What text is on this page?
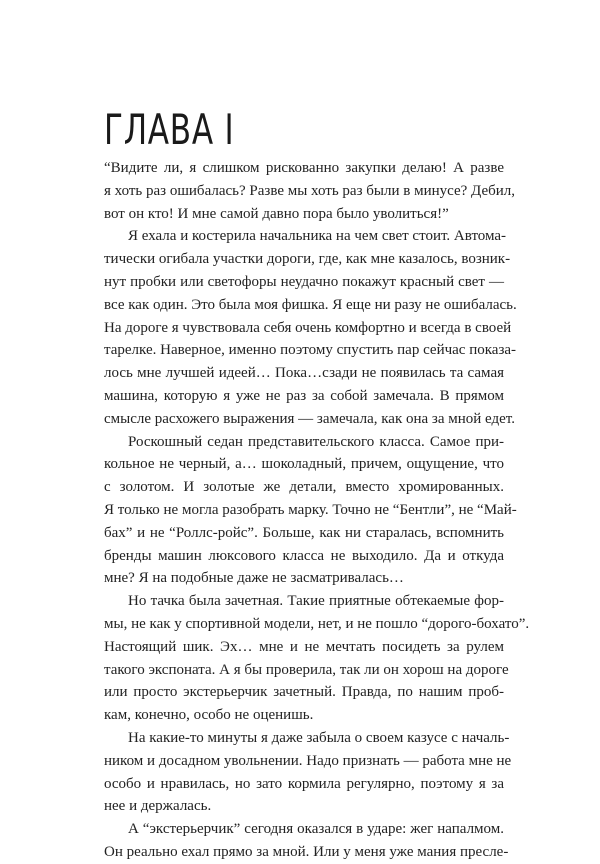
ГЛАВА I

“Видите ли, я слишком рискованно закупки делаю! А разве
я хоть раз ошибалась? Разве мы хоть раз были в минусе? Дебил,
вот он кто! И мне самой давно пора было уволиться!”

Я ехала и костерила начальника на чем свет стоит. Автома-
тически огибала участки дороги, где, как мне казалось, возник-
нут пробки или светофоры неудачно покажут красный свет —
все как один. Это была моя фишка. Я еще ни разу не ошибалась.
На дороге я чувствовала себя очень комфортно и всегда в своей
тарелке. Наверное, именно поэтому спустить пар сейчас показа-
лось мне лучшей идеей… Пока…сзади не появилась та самая
машина, которую я уже не раз за собой замечала. В прямом
смысле расхожего выражения — замечала, как она за мной едет.

Роскошный седан представительского класса. Самое при-
кольное не черный, а… шоколадный, причем, ощущение, что
с золотом. И золотые же детали, вместо хромированных.
Я только не могла разобрать марку. Точно не “Бентли”, не “Май-
бах” и не “Роллс-ройс”. Больше, как ни старалась, вспомнить
бренды машин люксового класса не выходило. Да и откуда
мне? Я на подобные даже не засматривалась…

Но тачка была зачетная. Такие приятные обтекаемые фор-
мы, не как у спортивной модели, нет, и не пошло “дорого-бохато”.
Настоящий шик. Эх… мне и не мечтать посидеть за рулем
такого экспоната. А я бы проверила, так ли он хорош на дороге
или просто экстерьерчик зачетный. Правда, по нашим проб-
кам, конечно, особо не оценишь.

На какие-то минуты я даже забыла о своем казусе с началь-
ником и досадном увольнении. Надо признать — работа мне не
особо и нравилась, но зато кормила регулярно, поэтому я за
нее и держалась.

А “экстерьерчик” сегодня оказался в ударе: жег напалмом.
Он реально ехал прямо за мной. Или у меня уже мания пресле-
